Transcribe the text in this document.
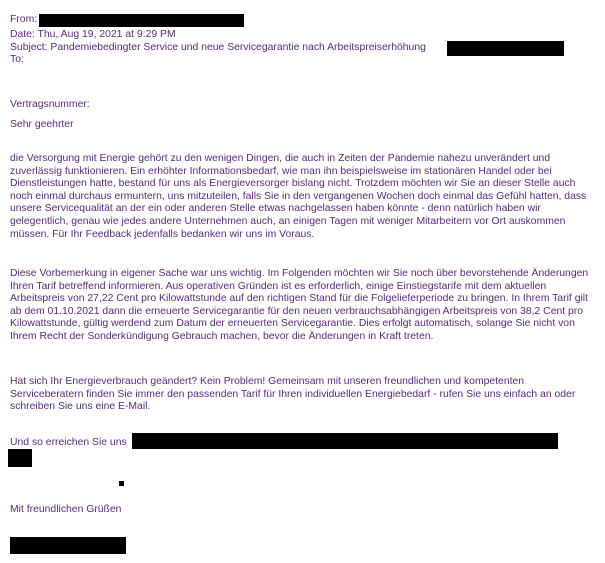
From:
Date: Thu, Aug 19, 2021 at 9:29 PM
Subject: Pandemiebedingter Service und neue Servicegarantie nach Arbeitspreiserhöhung
To:
Vertragsnummer:
Sehr geehrter
die Versorgung mit Energie gehört zu den wenigen Dingen, die auch in Zeiten der Pandemie nahezu unverändert und zuverlässig funktionieren. Ein erhöhter Informationsbedarf, wie man ihn beispielsweise im stationären Handel oder bei Dienstleistungen hatte, bestand für uns als Energieversorger bislang nicht. Trotzdem möchten wir Sie an dieser Stelle auch noch einmal durchaus ermuntern, uns mitzuteilen, falls Sie in den vergangenen Wochen doch einmal das Gefühl hatten, dass unsere Servicequalität an der ein oder anderen Stelle etwas nachgelassen haben könnte - denn natürlich haben wir gelegentlich, genau wie jedes andere Unternehmen auch, an einigen Tagen mit weniger Mitarbeitern vor Ort auskommen müssen. Für Ihr Feedback jedenfalls bedanken wir uns im Voraus.
Diese Vorbemerkung in eigener Sache war uns wichtig. Im Folgenden möchten wir Sie noch über bevorstehende Änderungen Ihren Tarif betreffend informieren. Aus operativen Gründen ist es erforderlich, einige Einstiegstarife mit dem aktuellen Arbeitspreis von 27,22 Cent pro Kilowattstunde auf den richtigen Stand für die Folgelieferperiode zu bringen. In Ihrem Tarif gilt ab dem 01.10.2021 dann die erneuerte Servicegarantie für den neuen verbrauchsabhängigen Arbeitspreis von 38,2 Cent pro Kilowattstunde, gültig werdend zum Datum der erneuerten Servicegarantie. Dies erfolgt automatisch, solange Sie nicht von Ihrem Recht der Sonderkündigung Gebrauch machen, bevor die Änderungen in Kraft treten.
Hat sich Ihr Energieverbrauch geändert? Kein Problem! Gemeinsam mit unseren freundlichen und kompetenten Serviceberatern finden Sie immer den passenden Tarif für Ihren individuellen Energiebedarf - rufen Sie uns einfach an oder schreiben Sie uns eine E-Mail.
Und so erreichen Sie uns
Mit freundlichen Grüßen
